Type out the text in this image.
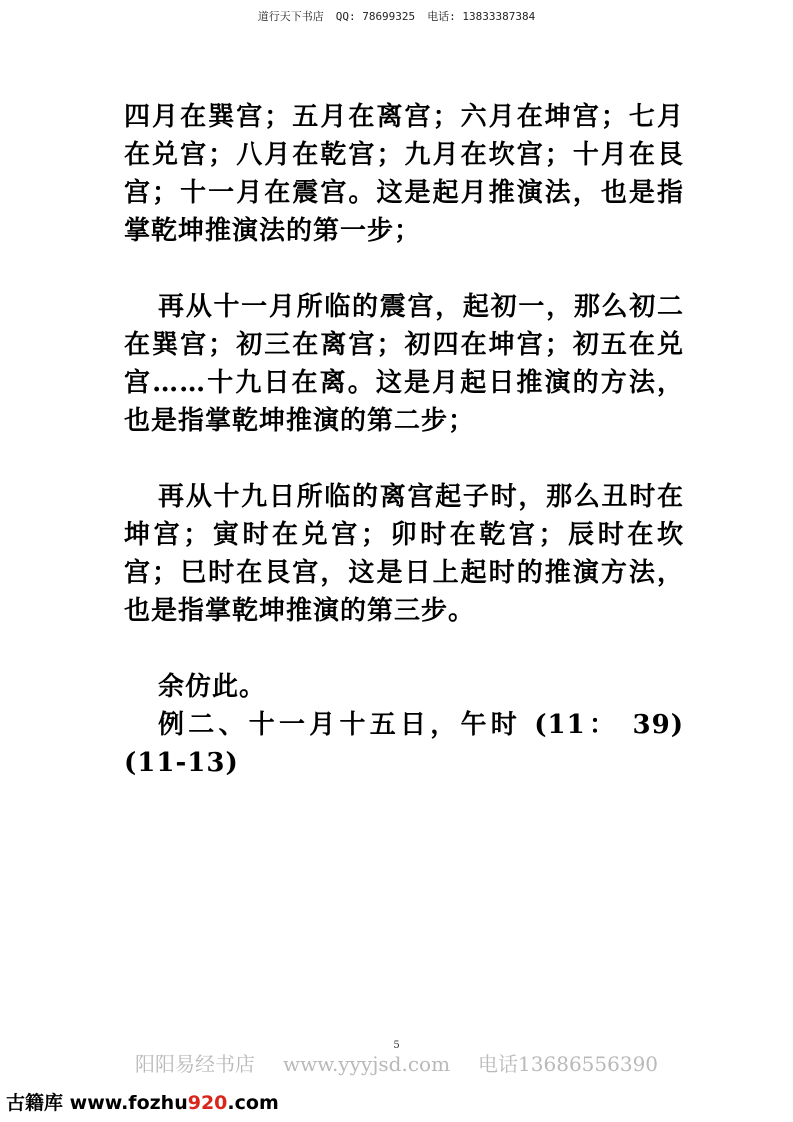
道行天下书店 QQ: 78699325 电话: 13833387384

四月在巽宫；五月在离宫；六月在坤宫；七月在兑宫；八月在乾宫；九月在坎宫；十月在艮宫；十一月在震宫。这是起月推演法，也是指掌乾坤推演法的第一步；

再从十一月所临的震宫，起初一，那么初二在巽宫；初三在离宫；初四在坤宫；初五在兑宫……十九日在离。这是月起日推演的方法，也是指掌乾坤推演的第二步；

再从十九日所临的离宫起子时，那么丑时在坤宫；寅时在兑宫；卯时在乾宫；辰时在坎宫；巳时在艮宫，这是日上起时的推演方法，也是指掌乾坤推演的第三步。

余仿此。

例二、十一月十五日，午时 (11： 39)(11-13)

5
阳阳易经书店 www.yyyjsd.com 电话13686556390
古籍库 www.fozhu920.com
